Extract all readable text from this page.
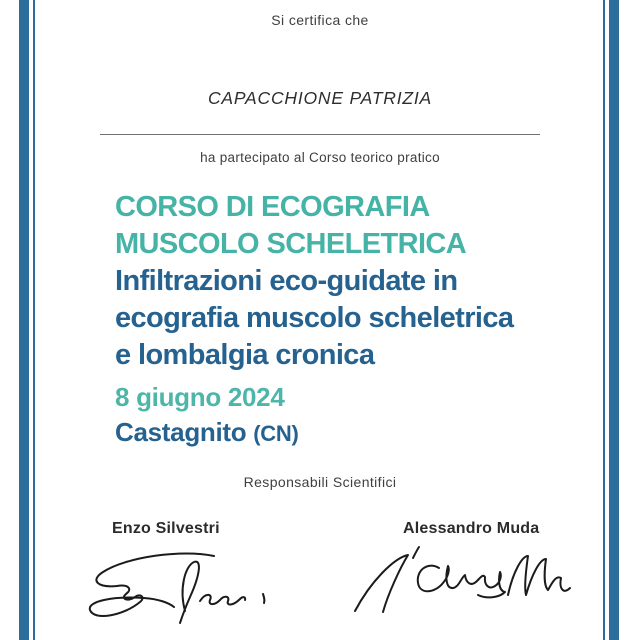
Si certifica che
CAPACCHIONE PATRIZIA
ha partecipato al Corso teorico pratico
CORSO DI ECOGRAFIA
MUSCOLO SCHELETRICA
Infiltrazioni eco-guidate in
ecografia muscolo scheletrica
e lombalgia cronica
8 giugno 2024
Castagnito (CN)
Responsabili Scientifici
Enzo Silvestri	Alessandro Muda
